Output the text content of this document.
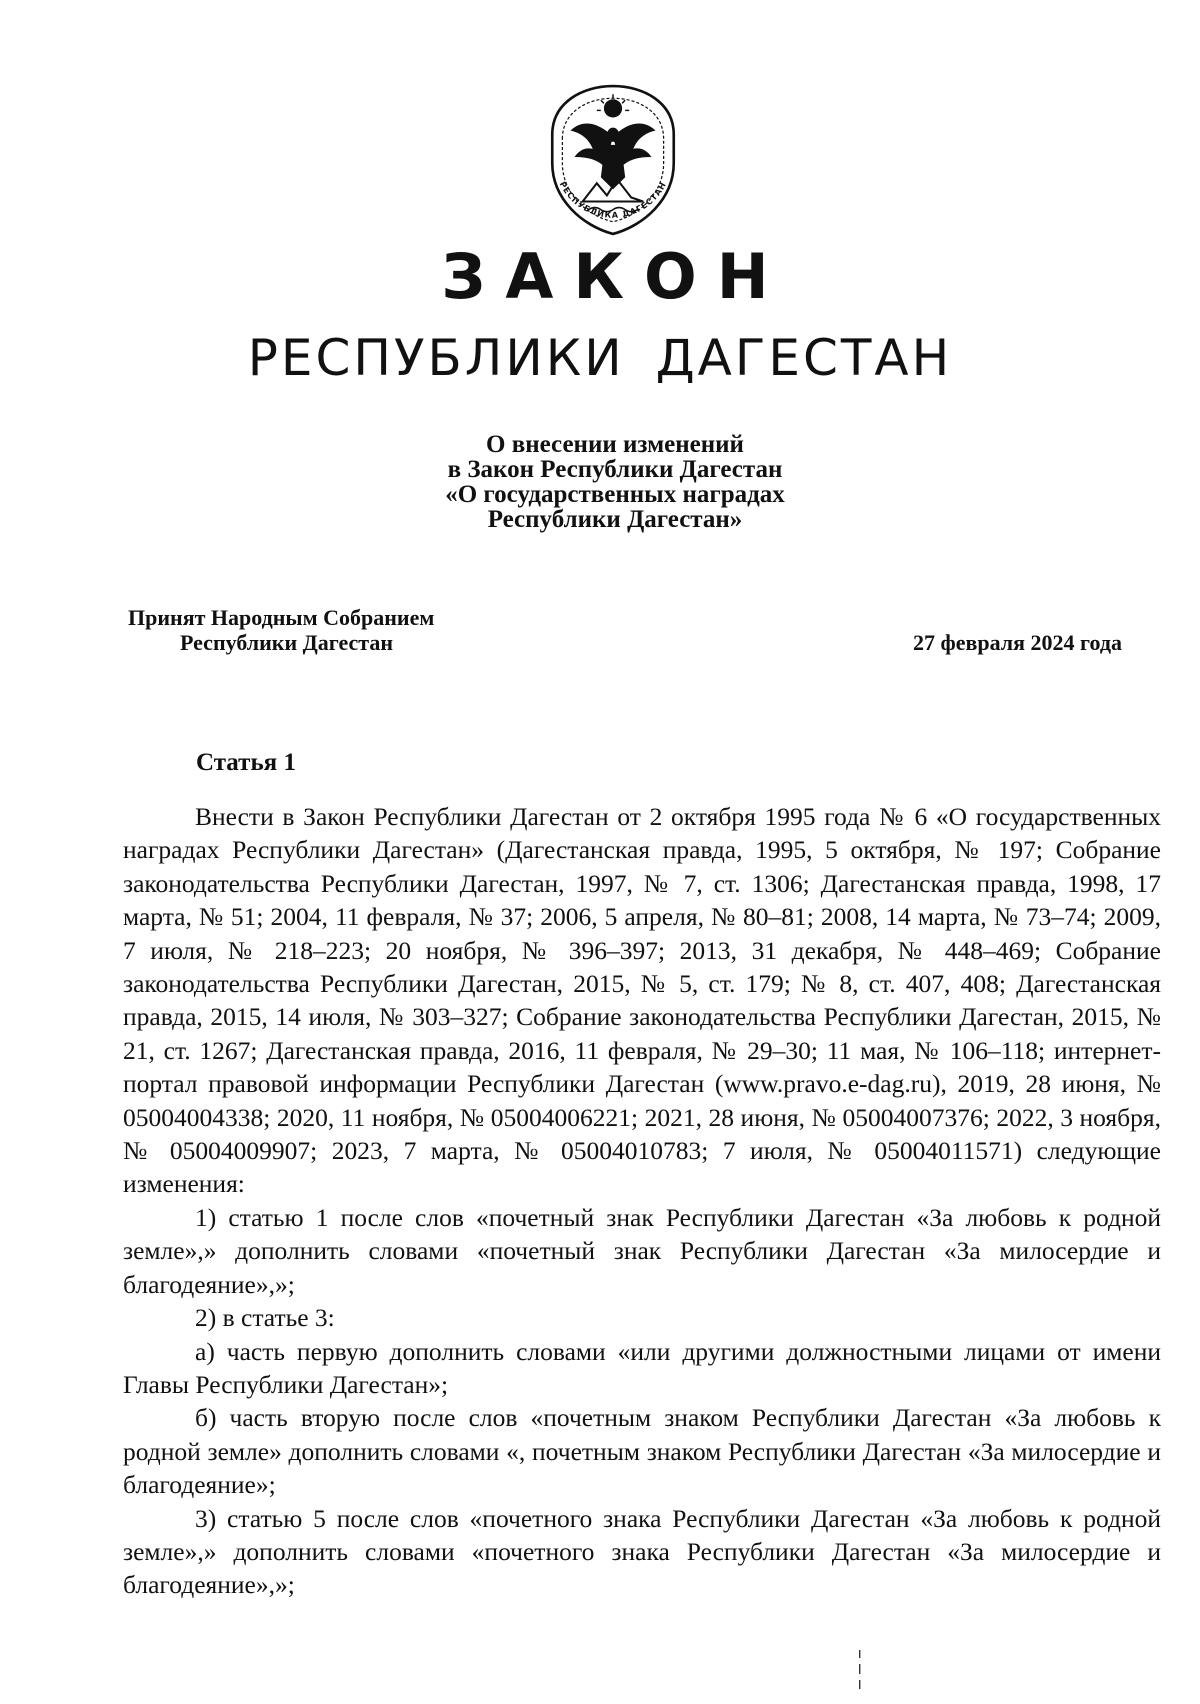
РЕСПУБЛИКА ДАГЕСТАН
ЗАКОН
РЕСПУБЛИКИ ДАГЕСТАН
О внесении изменений
в Закон Республики Дагестан
«О государственных наградах
Республики Дагестан»
Принят Народным Собранием
Республики Дагестан	27 февраля 2024 года
Статья 1

Внести в Закон Республики Дагестан от 2 октября 1995 года № 6 «О государственных наградах Республики Дагестан» (Дагестанская правда, 1995, 5 октября, № 197; Собрание законодательства Республики Дагестан, 1997, № 7, ст. 1306; Дагестанская правда, 1998, 17 марта, № 51; 2004, 11 февраля, № 37; 2006, 5 апреля, № 80–81; 2008, 14 марта, № 73–74; 2009, 7 июля, № 218–223; 20 ноября, № 396–397; 2013, 31 декабря, № 448–469; Собрание законодательства Республики Дагестан, 2015, № 5, ст. 179; № 8, ст. 407, 408; Дагестанская правда, 2015, 14 июля, № 303–327; Собрание законодательства Республики Дагестан, 2015, № 21, ст. 1267; Дагестанская правда, 2016, 11 февраля, № 29–30; 11 мая, № 106–118; интернет-портал правовой информации Республики Дагестан (www.pravo.e-dag.ru), 2019, 28 июня, № 05004004338; 2020, 11 ноября, № 05004006221; 2021, 28 июня, № 05004007376; 2022, 3 ноября, № 05004009907; 2023, 7 марта, № 05004010783; 7 июля, № 05004011571) следующие изменения:

1) статью 1 после слов «почетный знак Республики Дагестан «За любовь к родной земле»,» дополнить словами «почетный знак Республики Дагестан «За милосердие и благодеяние»,»;

2) в статье 3:

а) часть первую дополнить словами «или другими должностными лицами от имени Главы Республики Дагестан»;

б) часть вторую после слов «почетным знаком Республики Дагестан «За любовь к родной земле» дополнить словами «, почетным знаком Республики Дагестан «За милосердие и благодеяние»;

3) статью 5 после слов «почетного знака Республики Дагестан «За любовь к родной земле»,» дополнить словами «почетного знака Республики Дагестан «За милосердие и благодеяние»,»;
